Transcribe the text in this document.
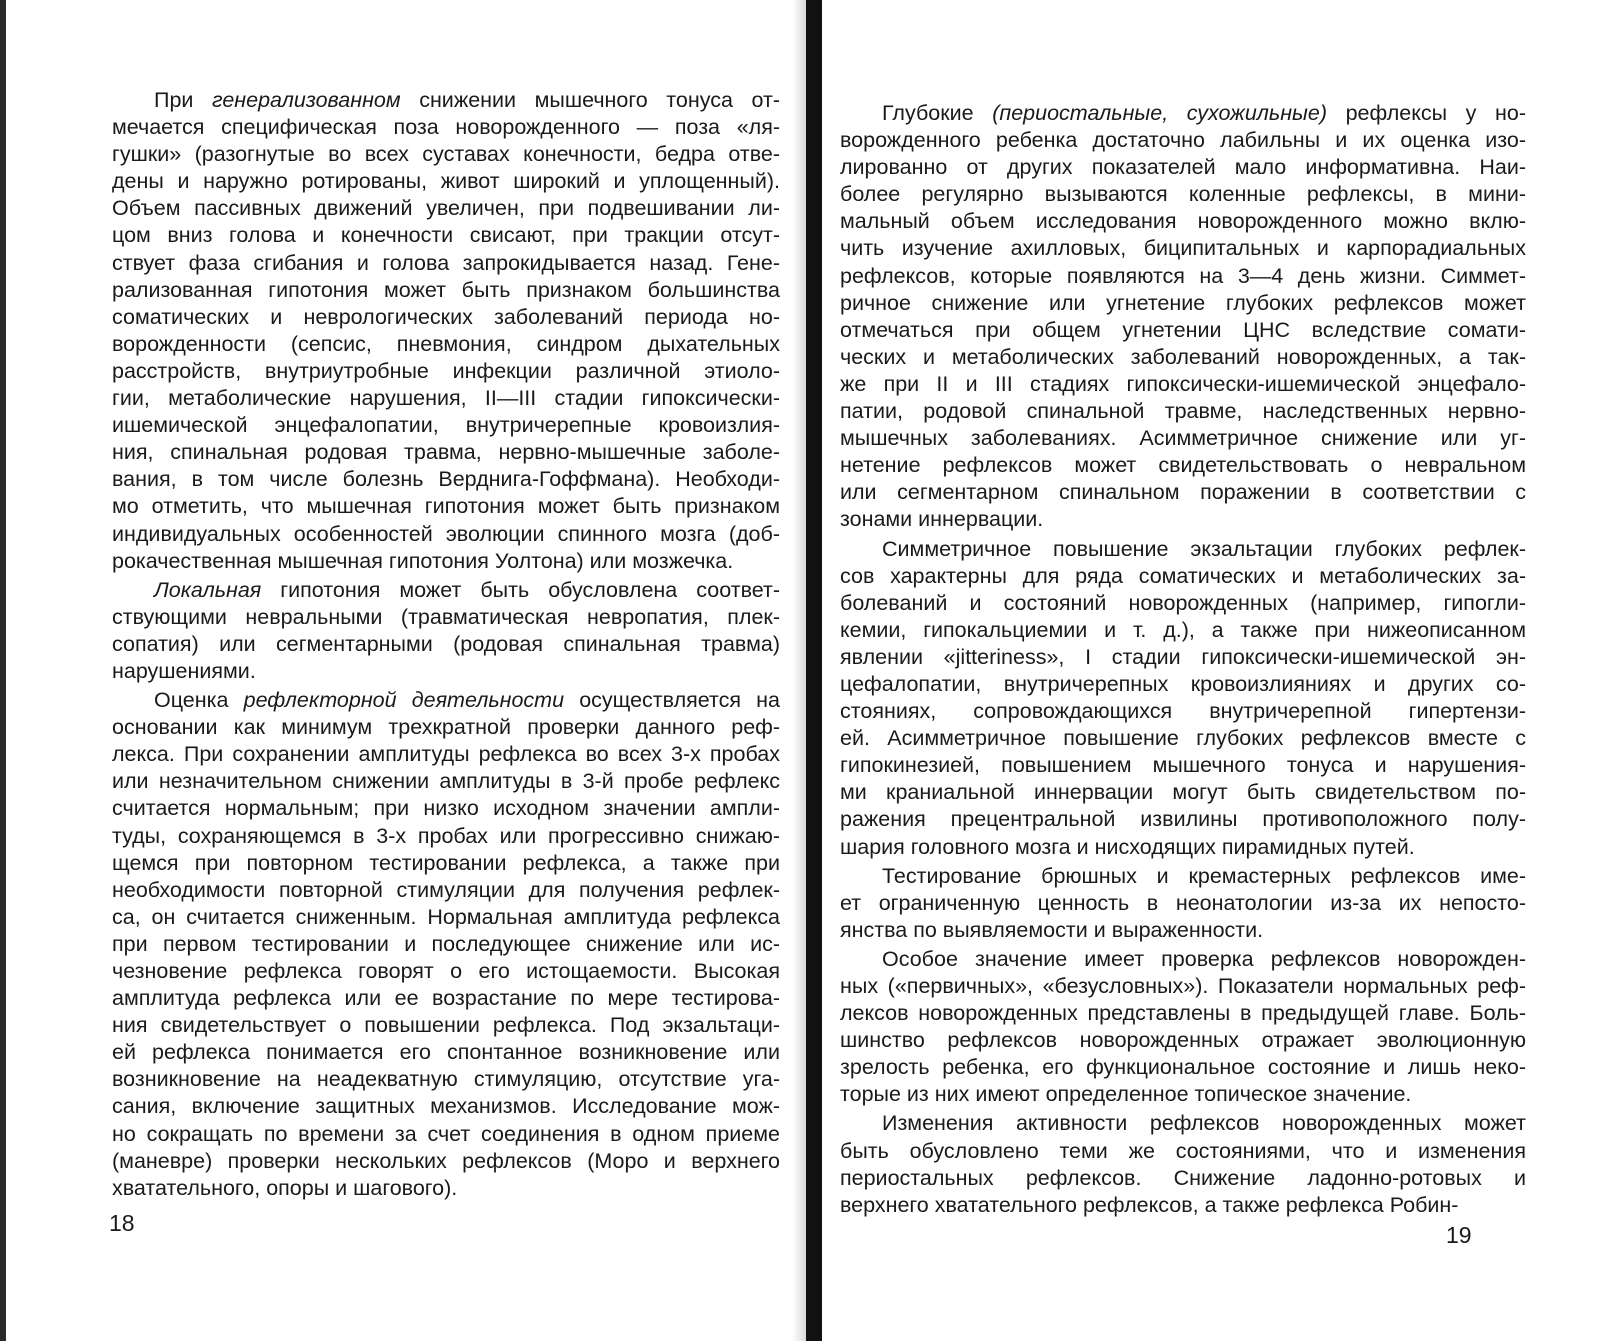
При генерализованном снижении мышечного тонуса от-
мечается специфическая поза новорожденного — поза «ля-
гушки» (разогнутые во всех суставах конечности, бедра отве-
дены и наружно ротированы, живот широкий и уплощенный).
Объем пассивных движений увеличен, при подвешивании ли-
цом вниз голова и конечности свисают, при тракции отсут-
ствует фаза сгибания и голова запрокидывается назад. Гене-
рализованная гипотония может быть признаком большинства
соматических и неврологических заболеваний периода но-
ворожденности (сепсис, пневмония, синдром дыхательных
расстройств, внутриутробные инфекции различной этиоло-
гии, метаболические нарушения, II—III стадии гипоксически-
ишемической энцефалопатии, внутричерепные кровоизлия-
ния, спинальная родовая травма, нервно-мышечные заболе-
вания, в том числе болезнь Верднига-Гоффмана). Необходи-
мо отметить, что мышечная гипотония может быть признаком
индивидуальных особенностей эволюции спинного мозга (доб-
рокачественная мышечная гипотония Уолтона) или мозжечка.
Локальная гипотония может быть обусловлена соответ-
ствующими невральными (травматическая невропатия, плек-
сопатия) или сегментарными (родовая спинальная травма)
нарушениями.
Оценка рефлекторной деятельности осуществляется на
основании как минимум трехкратной проверки данного реф-
лекса. При сохранении амплитуды рефлекса во всех 3-х пробах
или незначительном снижении амплитуды в 3-й пробе рефлекс
считается нормальным; при низко исходном значении ампли-
туды, сохраняющемся в 3-х пробах или прогрессивно снижаю-
щемся при повторном тестировании рефлекса, а также при
необходимости повторной стимуляции для получения рефлек-
са, он считается сниженным. Нормальная амплитуда рефлекса
при первом тестировании и последующее снижение или ис-
чезновение рефлекса говорят о его истощаемости. Высокая
амплитуда рефлекса или ее возрастание по мере тестирова-
ния свидетельствует о повышении рефлекса. Под экзальтаци-
ей рефлекса понимается его спонтанное возникновение или
возникновение на неадекватную стимуляцию, отсутствие уга-
сания, включение защитных механизмов. Исследование мож-
но сокращать по времени за счет соединения в одном приеме
(маневре) проверки нескольких рефлексов (Моро и верхнего
хватательного, опоры и шагового).
18
Глубокие (периостальные, сухожильные) рефлексы у но-
ворожденного ребенка достаточно лабильны и их оценка изо-
лированно от других показателей мало информативна. Наи-
более регулярно вызываются коленные рефлексы, в мини-
мальный объем исследования новорожденного можно вклю-
чить изучение ахилловых, биципитальных и карпорадиальных
рефлексов, которые появляются на 3—4 день жизни. Симмет-
ричное снижение или угнетение глубоких рефлексов может
отмечаться при общем угнетении ЦНС вследствие сомати-
ческих и метаболических заболеваний новорожденных, а так-
же при II и III стадиях гипоксически-ишемической энцефало-
патии, родовой спинальной травме, наследственных нервно-
мышечных заболеваниях. Асимметричное снижение или уг-
нетение рефлексов может свидетельствовать о невральном
или сегментарном спинальном поражении в соответствии с
зонами иннервации.
Симметричное повышение экзальтации глубоких рефлек-
сов характерны для ряда соматических и метаболических за-
болеваний и состояний новорожденных (например, гипогли-
кемии, гипокальциемии и т. д.), а также при нижеописанном
явлении «jitteriness», I стадии гипоксически-ишемической эн-
цефалопатии, внутричерепных кровоизлияниях и других со-
стояниях, сопровождающихся внутричерепной гипертензи-
ей. Асимметричное повышение глубоких рефлексов вместе с
гипокинезией, повышением мышечного тонуса и нарушения-
ми краниальной иннервации могут быть свидетельством по-
ражения прецентральной извилины противоположного полу-
шария головного мозга и нисходящих пирамидных путей.
Тестирование брюшных и кремастерных рефлексов име-
ет ограниченную ценность в неонатологии из-за их непосто-
янства по выявляемости и выраженности.
Особое значение имеет проверка рефлексов новорожден-
ных («первичных», «безусловных»). Показатели нормальных реф-
лексов новорожденных представлены в предыдущей главе. Боль-
шинство рефлексов новорожденных отражает эволюционную
зрелость ребенка, его функциональное состояние и лишь неко-
торые из них имеют определенное топическое значение.
Изменения активности рефлексов новорожденных может
быть обусловлено теми же состояниями, что и изменения
периостальных рефлексов. Снижение ладонно-ротовых и
верхнего хватательного рефлексов, а также рефлекса Робин-
19
